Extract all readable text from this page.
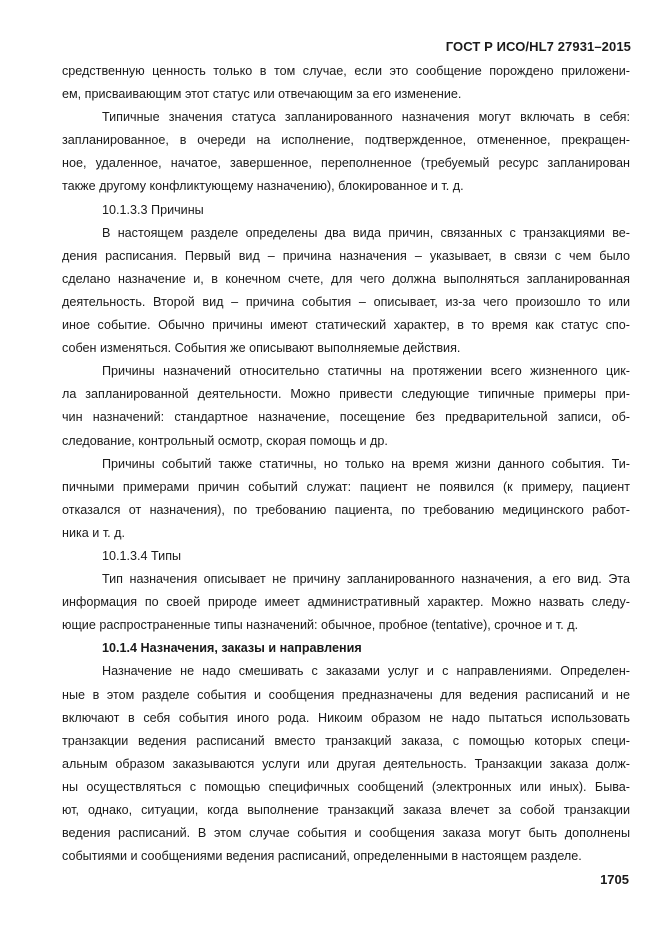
ГОСТ Р ИСО/HL7 27931–2015
средственную ценность только в том случае, если это сообщение порождено приложени-
ем, присваивающим этот статус или отвечающим за его изменение.
Типичные значения статуса запланированного назначения могут включать в себя:
запланированное, в очереди на исполнение, подтвержденное, отмененное, прекращен-
ное, удаленное, начатое, завершенное, переполненное (требуемый ресурс запланирован
также другому конфликтующему назначению), блокированное и т. д.
10.1.3.3 Причины
В настоящем разделе определены два вида причин, связанных с транзакциями ве-
дения расписания. Первый вид – причина назначения – указывает, в связи с чем было
сделано назначение и, в конечном счете, для чего должна выполняться запланированная
деятельность. Второй вид – причина события – описывает, из-за чего произошло то или
иное событие. Обычно причины имеют статический характер, в то время как статус спо-
собен изменяться. События же описывают выполняемые действия.
Причины назначений относительно статичны на протяжении всего жизненного цик-
ла запланированной деятельности. Можно привести следующие типичные примеры при-
чин назначений: стандартное назначение, посещение без предварительной записи, об-
следование, контрольный осмотр, скорая помощь и др.
Причины событий также статичны, но только на время жизни данного события. Ти-
пичными примерами причин событий служат: пациент не появился (к примеру, пациент
отказался от назначения), по требованию пациента, по требованию медицинского работ-
ника и т. д.
10.1.3.4 Типы
Тип назначения описывает не причину запланированного назначения, а его вид. Эта
информация по своей природе имеет административный характер. Можно назвать следу-
ющие распространенные типы назначений: обычное, пробное (tentative), срочное и т. д.
10.1.4 Назначения, заказы и направления
Назначение не надо смешивать с заказами услуг и с направлениями. Определен-
ные в этом разделе события и сообщения предназначены для ведения расписаний и не
включают в себя события иного рода. Никоим образом не надо пытаться использовать
транзакции ведения расписаний вместо транзакций заказа, с помощью которых специ-
альным образом заказываются услуги или другая деятельность. Транзакции заказа долж-
ны осуществляться с помощью специфичных сообщений (электронных или иных). Быва-
ют, однако, ситуации, когда выполнение транзакций заказа влечет за собой транзакции
ведения расписаний. В этом случае события и сообщения заказа могут быть дополнены
событиями и сообщениями ведения расписаний, определенными в настоящем разделе.
1705
